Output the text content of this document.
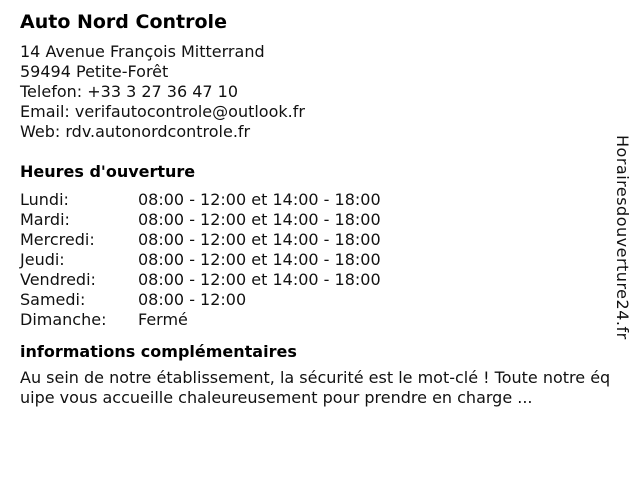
Auto Nord Controle
14 Avenue François Mitterrand
59494 Petite-Forêt
Telefon: +33 3 27 36 47 10
Email: verifautocontrole@outlook.fr
Web: rdv.autonordcontrole.fr
Heures d'ouverture
Lundi:	08:00 - 12:00 et 14:00 - 18:00
Mardi:	08:00 - 12:00 et 14:00 - 18:00
Mercredi:	08:00 - 12:00 et 14:00 - 18:00
Jeudi:	08:00 - 12:00 et 14:00 - 18:00
Vendredi:	08:00 - 12:00 et 14:00 - 18:00
Samedi:	08:00 - 12:00
Dimanche:	Fermé
informations complémentaires
Au sein de notre établissement, la sécurité est le mot-clé ! Toute notre équipe vous accueille chaleureusement pour prendre en charge ...
Horairesdouverture24.fr
